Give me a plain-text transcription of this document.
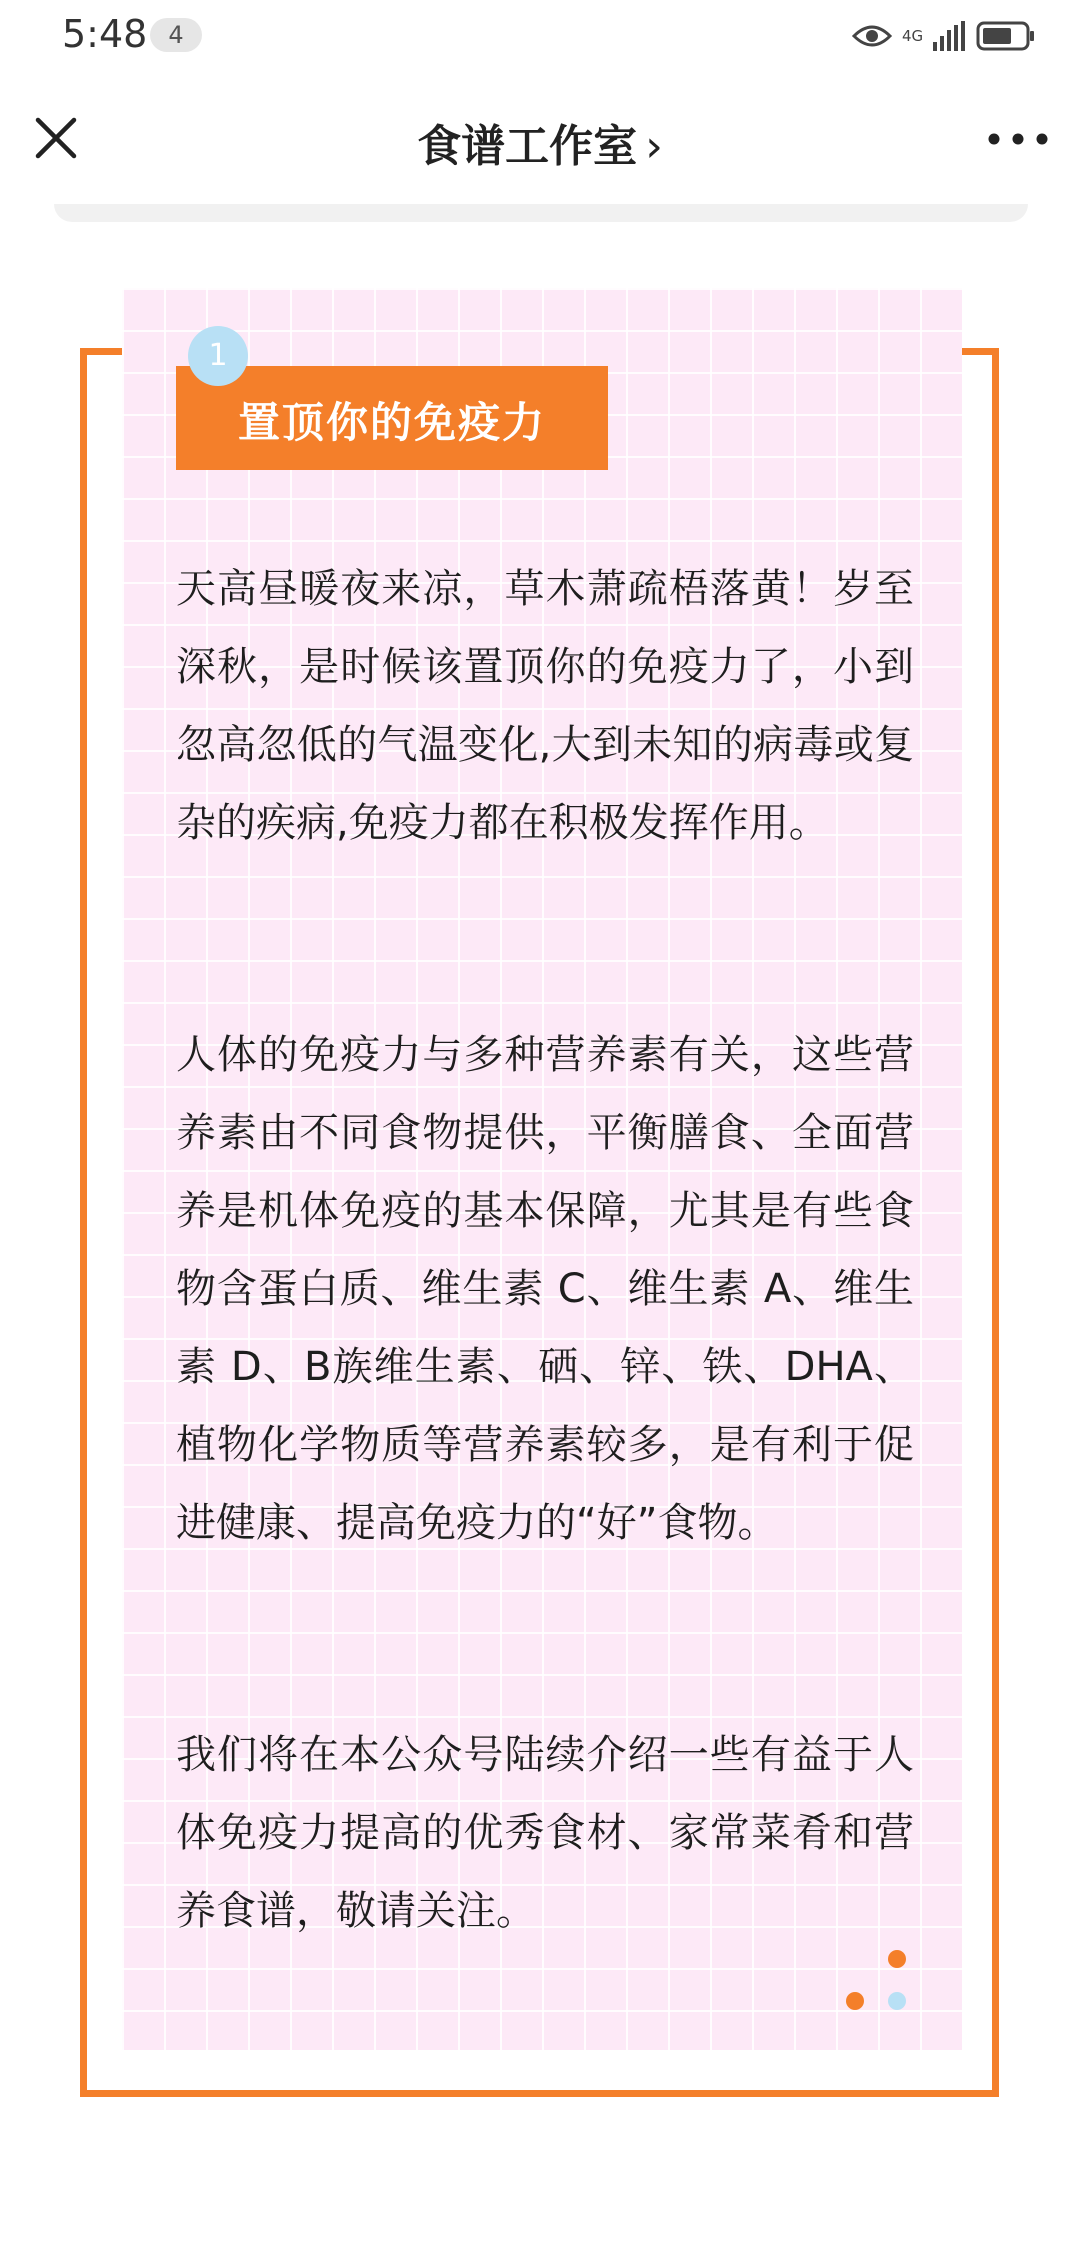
5:48 4	4G
食谱工作室 ›
1
置顶你的免疫力

天高昼暖夜来凉，草木萧疏梧落黄！岁至深秋，是时候该置顶你的免疫力了，小到忽高忽低的气温变化,大到未知的病毒或复杂的疾病,免疫力都在积极发挥作用。

人体的免疫力与多种营养素有关，这些营养素由不同食物提供，平衡膳食、全面营养是机体免疫的基本保障，尤其是有些食物含蛋白质、维生素 C、维生素 A、维生素 D、B族维生素、硒、锌、铁、DHA、植物化学物质等营养素较多，是有利于促进健康、提高免疫力的“好”食物。

我们将在本公众号陆续介绍一些有益于人体免疫力提高的优秀食材、家常菜肴和营养食谱，敬请关注。
